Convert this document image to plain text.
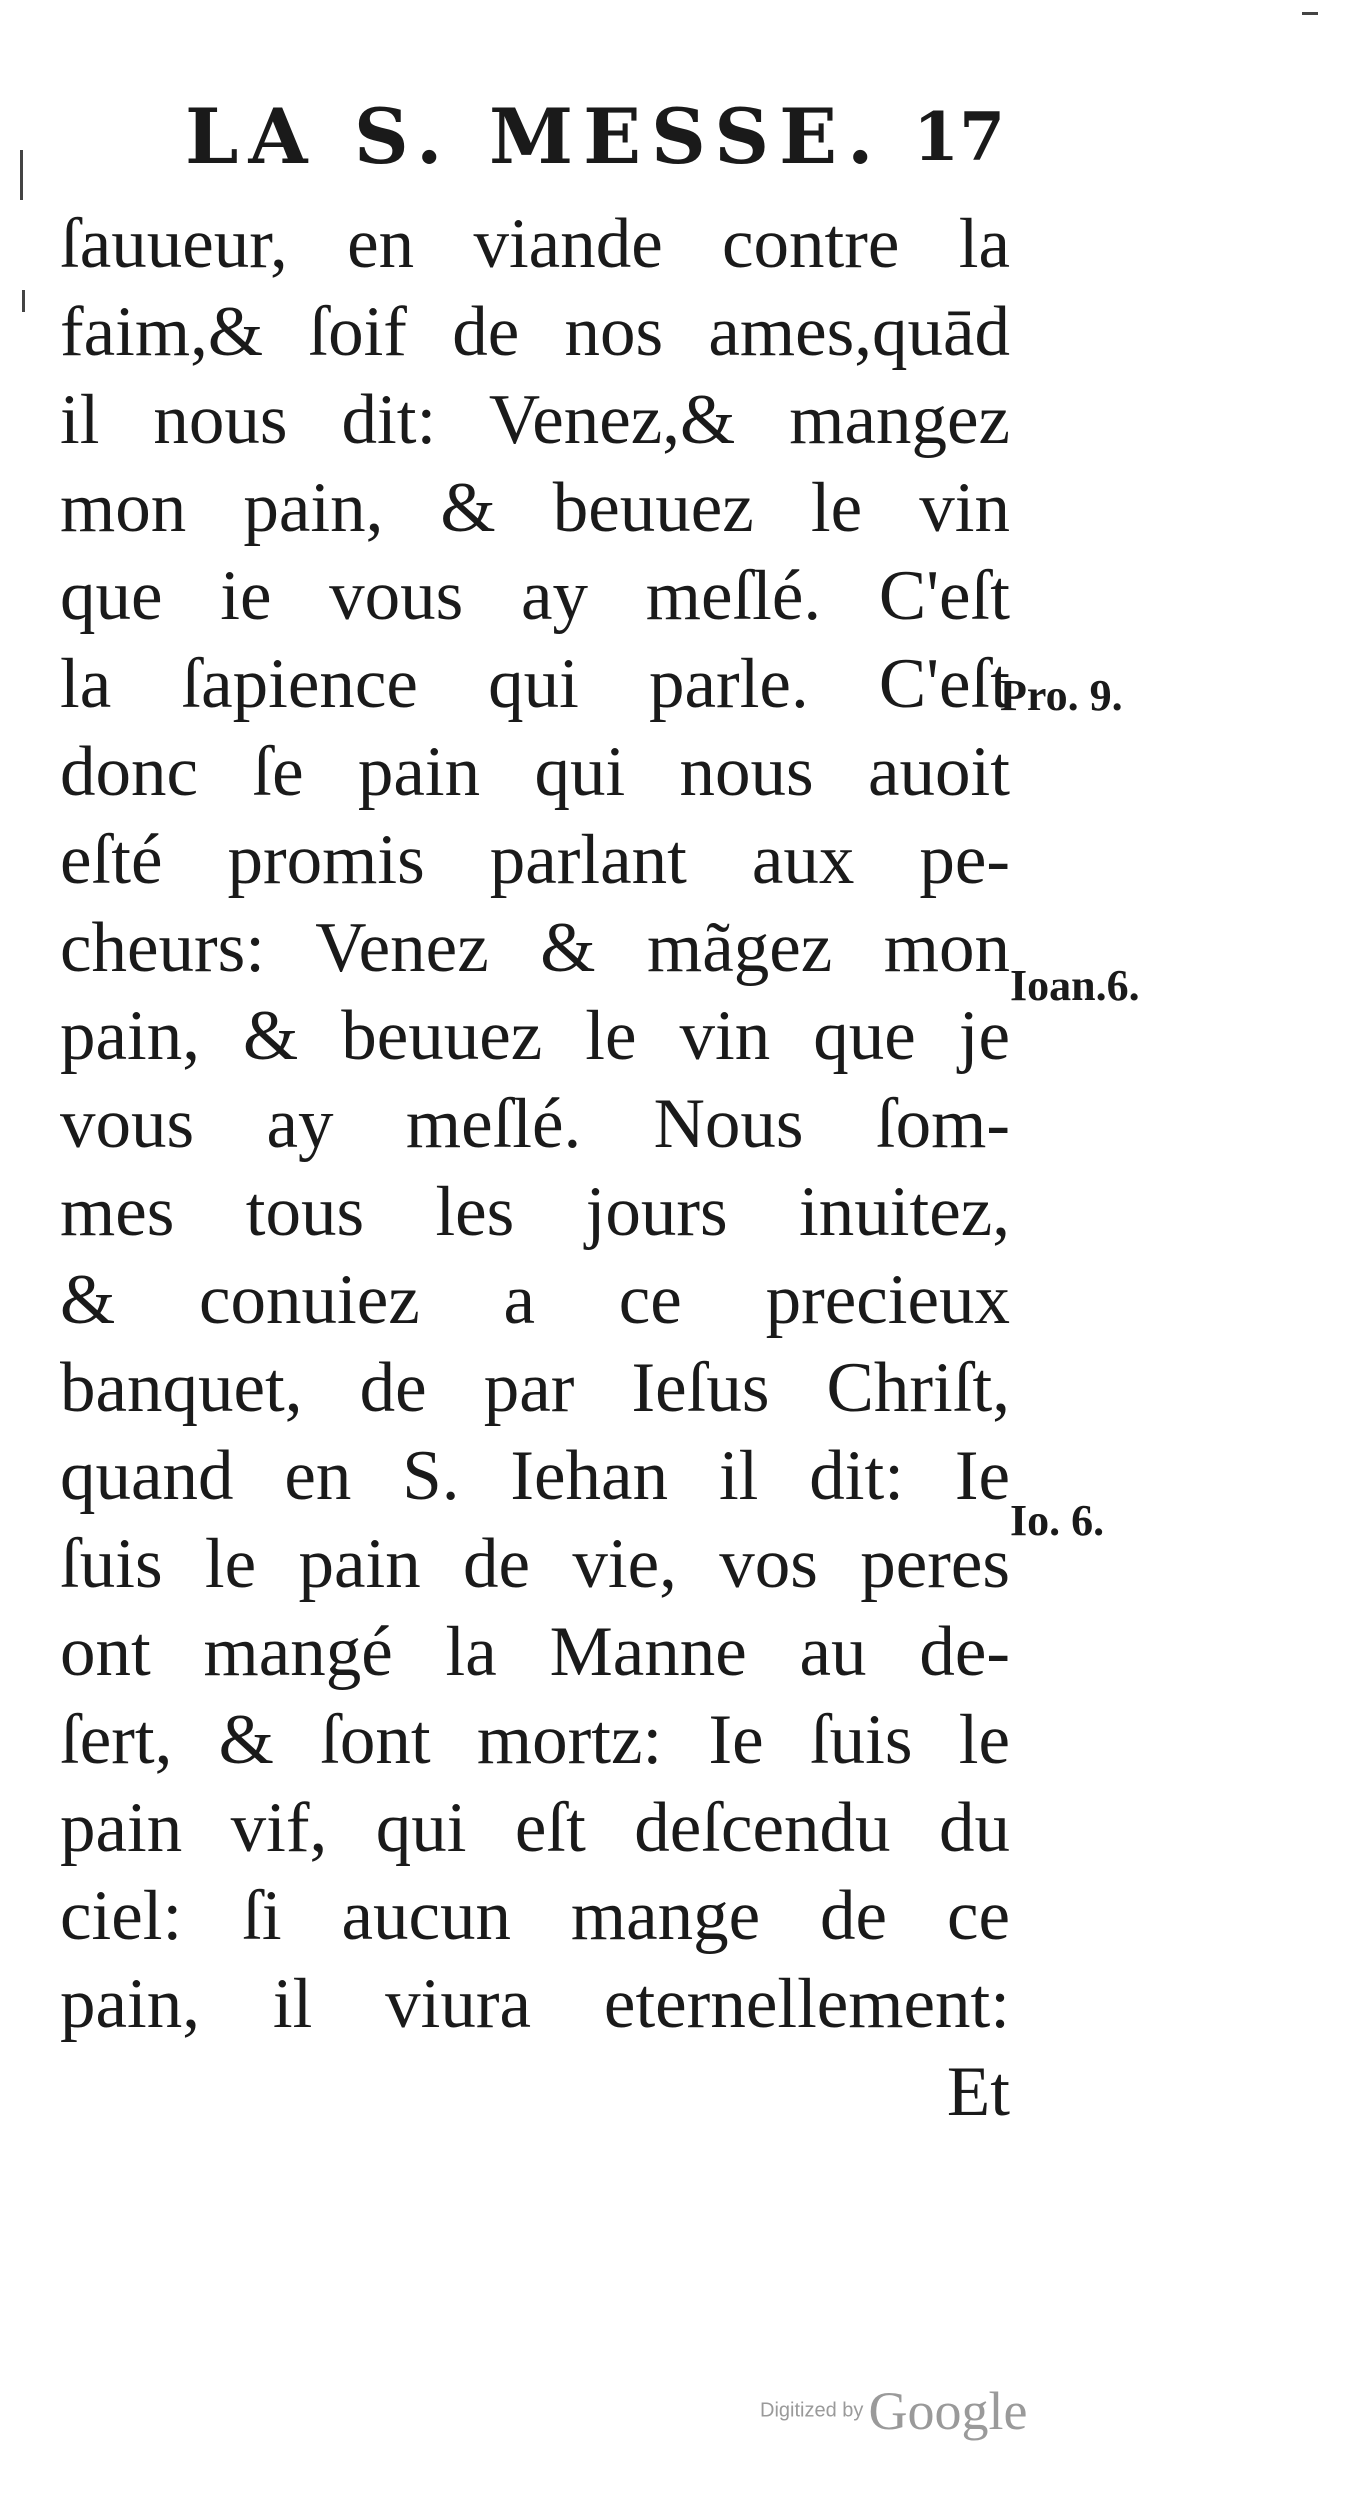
LA S. MESSE. 17
ſauueur, en viande contre la
faim,& ſoif de nos ames,quād
il nous dit: Venez,& mangez
mon pain, & beuuez le vin
que ie vous ay meſlé. C'eſt
la ſapience qui parle. C'eſt
donc ſe pain qui nous auoit
eſté promis parlant aux pe-
cheurs: Venez & mãgez mon
pain, & beuuez le vin que je
vous ay meſlé. Nous ſom-
mes tous les jours inuitez,
& conuiez a ce precieux
banquet, de par Ieſus Chriſt,
quand en S. Iehan il dit: Ie
ſuis le pain de vie, vos peres
ont mangé la Manne au de-
ſert, & ſont mortz: Ie ſuis le
pain vif, qui eſt deſcendu du
ciel: ſi aucun mange de ce
pain, il viura eternellement:
Et
Pro. 9.
Ioan.6.
Io. 6.
Digitized by Google
